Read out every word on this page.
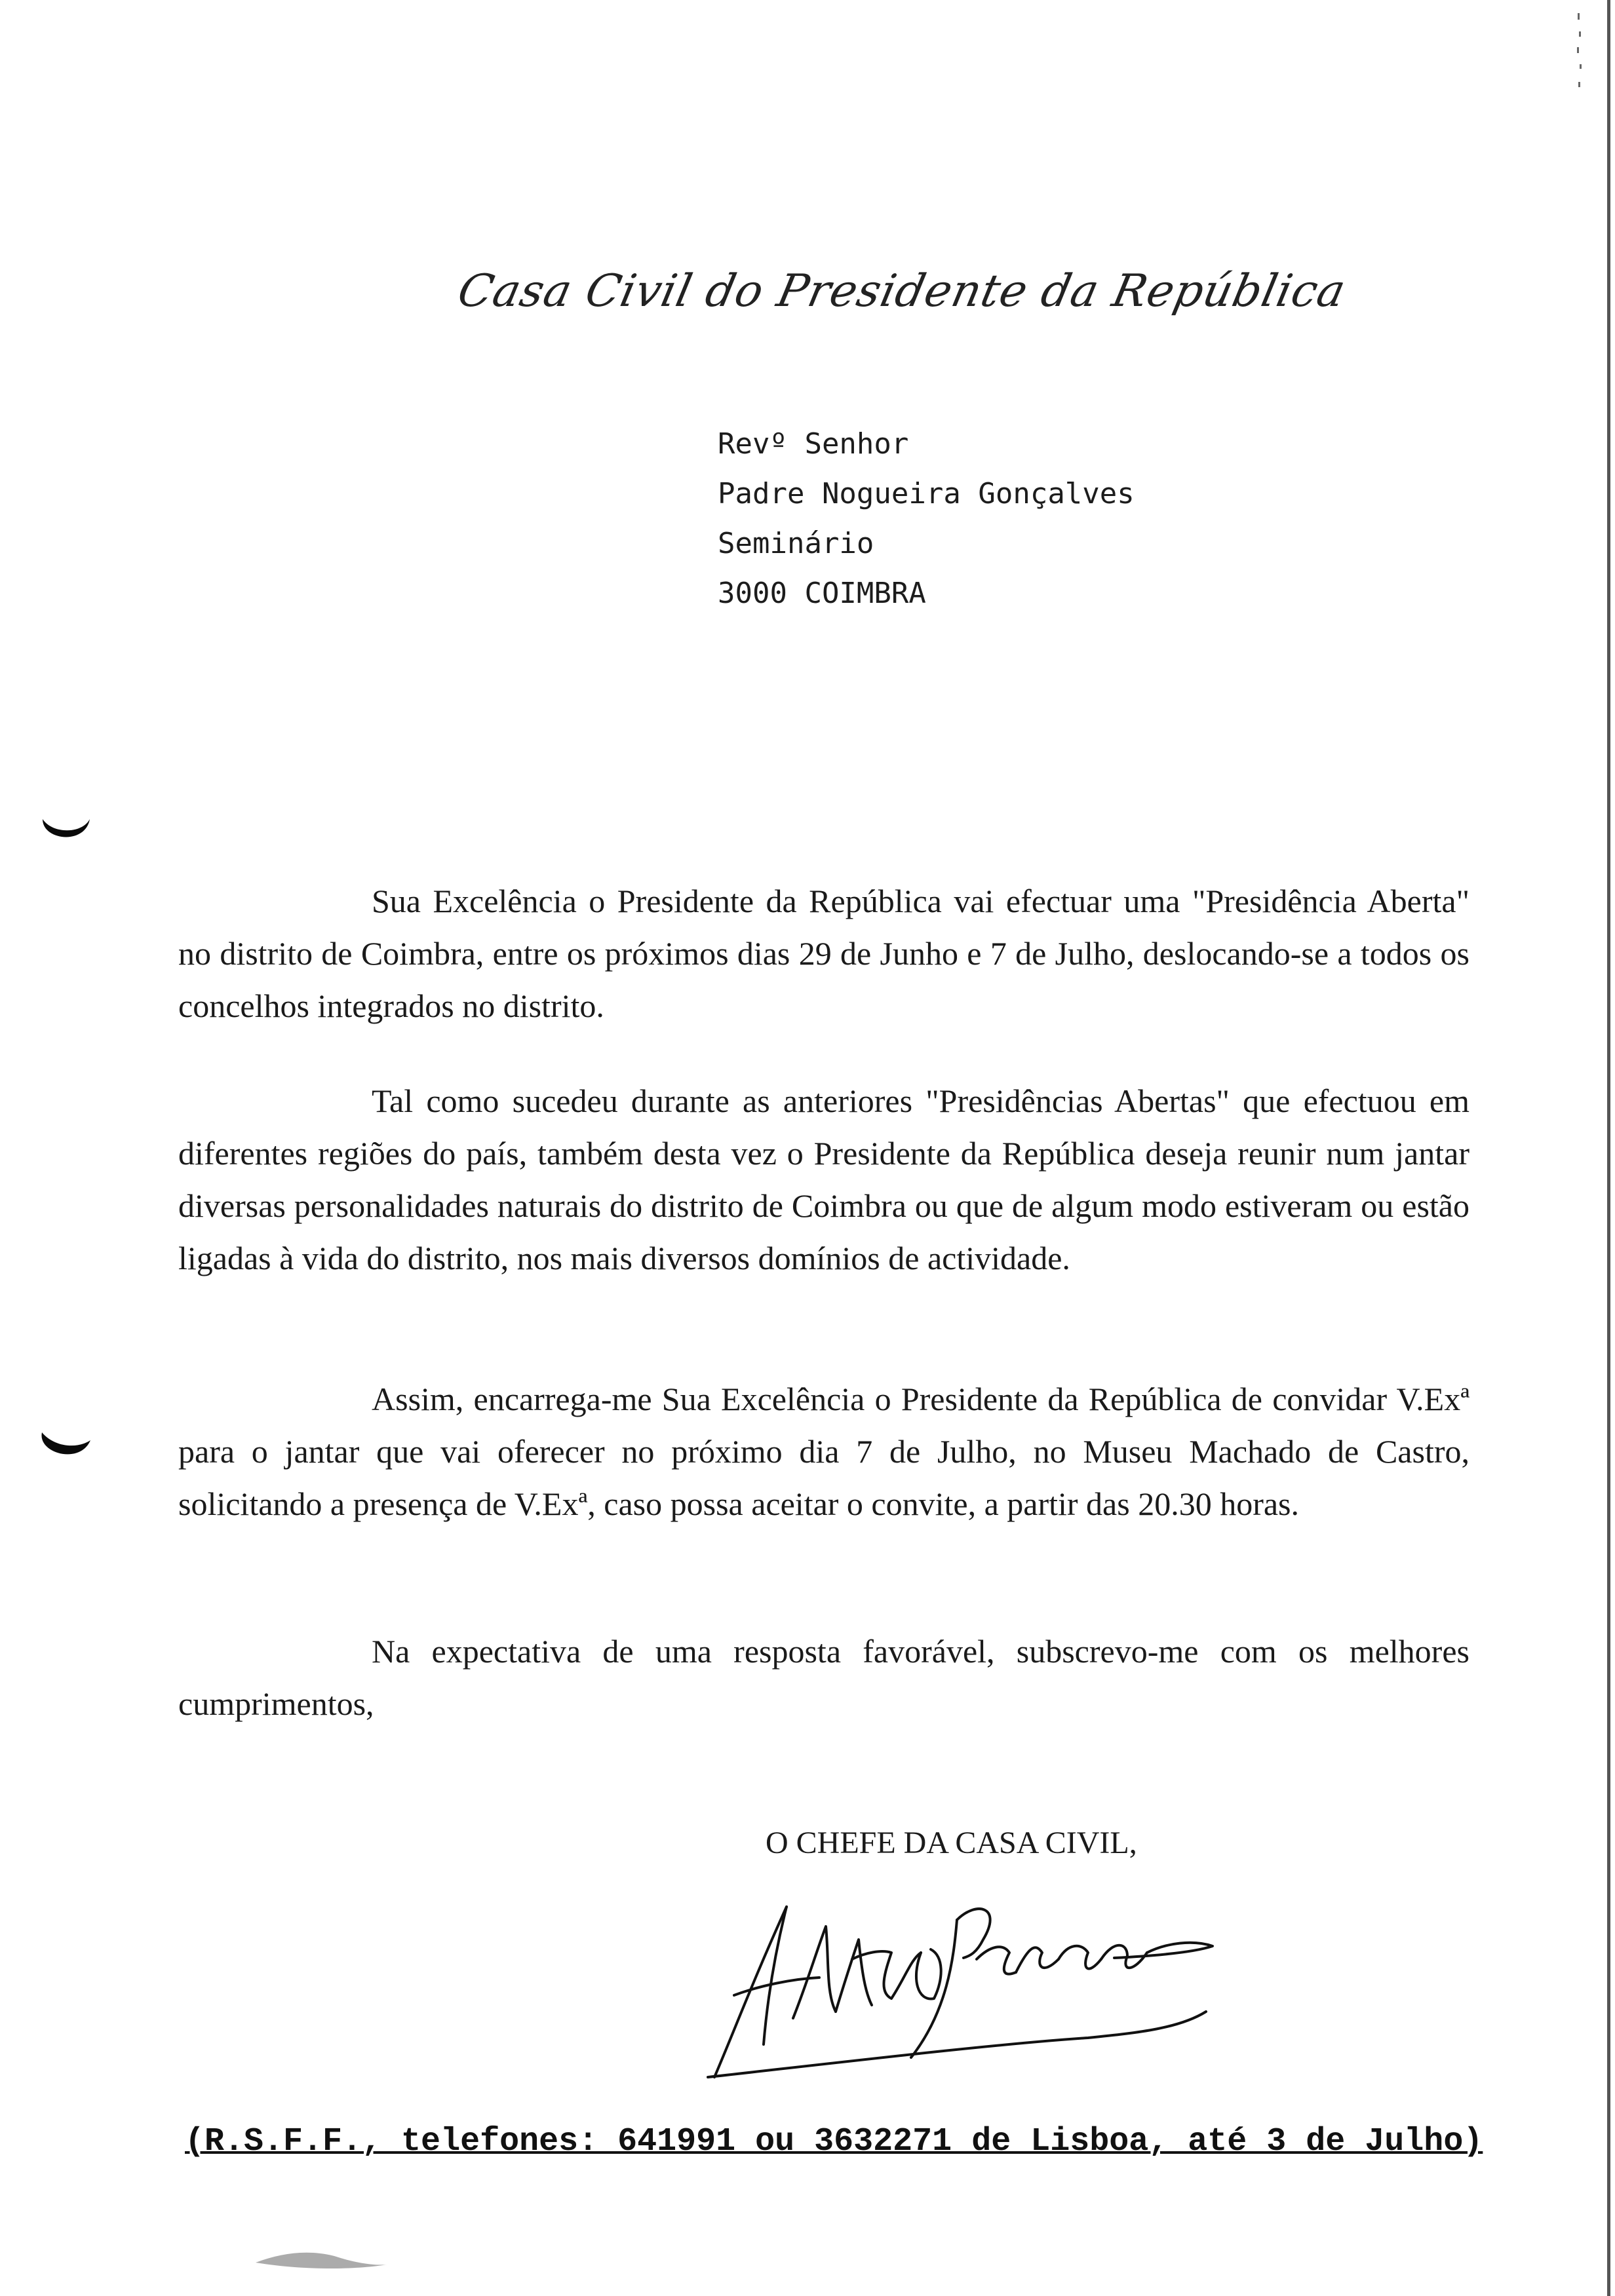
Casa Civil do Presidente da República
Revº Senhor
Padre Nogueira Gonçalves
Seminário
3000 COIMBRA
Sua Excelência o Presidente da República vai efectuar uma "Presidência Aberta" no distrito de Coimbra, entre os próximos dias 29 de Junho e 7 de Julho, deslocando-se a todos os concelhos integrados no distrito.
Tal como sucedeu durante as anteriores "Presidências Abertas" que efectuou em diferentes regiões do país, também desta vez o Presidente da República deseja reunir num jantar diversas personalidades naturais do distrito de Coimbra ou que de algum modo estiveram ou estão ligadas à vida do distrito, nos mais diversos domínios de actividade.
Assim, encarrega-me Sua Excelência o Presidente da República de convidar V.Exª para o jantar que vai oferecer no próximo dia 7 de Julho, no Museu Machado de Castro, solicitando a presença de V.Exª, caso possa aceitar o convite, a partir das 20.30 horas.
Na expectativa de uma resposta favorável, subscrevo-me com os melhores cumprimentos,
O CHEFE DA CASA CIVIL,
(R.S.F.F., telefones: 641991 ou 3632271 de Lisboa, até 3 de Julho)
